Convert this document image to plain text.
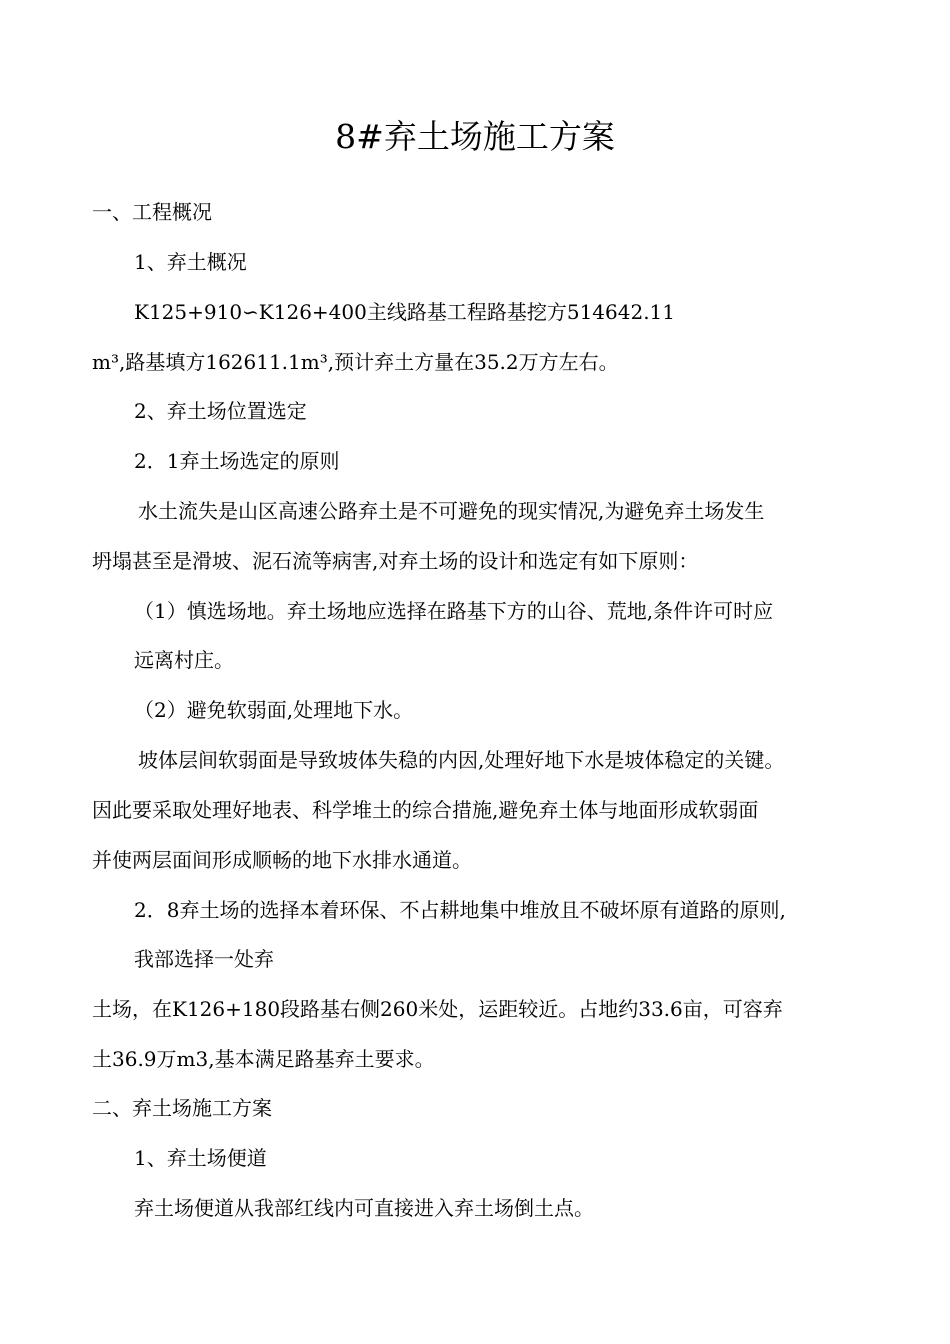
8#弃土场施工方案
一、工程概况
1、弃土概况
K125+910∽K126+400主线路基工程路基挖方514642.11
m³,路基填方162611.1m³,预计弃土方量在35.2万方左右。
2、弃土场位置选定
2．1弃土场选定的原则
水土流失是山区高速公路弃土是不可避免的现实情况,为避免弃土场发生
坍塌甚至是滑坡、泥石流等病害,对弃土场的设计和选定有如下原则：
（1）慎选场地。弃土场地应选择在路基下方的山谷、荒地,条件许可时应
远离村庄。
（2）避免软弱面,处理地下水。
坡体层间软弱面是导致坡体失稳的内因,处理好地下水是坡体稳定的关键。
因此要采取处理好地表、科学堆土的综合措施,避免弃土体与地面形成软弱面
并使两层面间形成顺畅的地下水排水通道。
2．8弃土场的选择本着环保、不占耕地集中堆放且不破坏原有道路的原则,
我部选择一处弃
土场，在K126+180段路基右侧260米处，运距较近。占地约33.6亩，可容弃
土36.9万m3,基本满足路基弃土要求。
二、弃土场施工方案
1、弃土场便道
弃土场便道从我部红线内可直接进入弃土场倒土点。
